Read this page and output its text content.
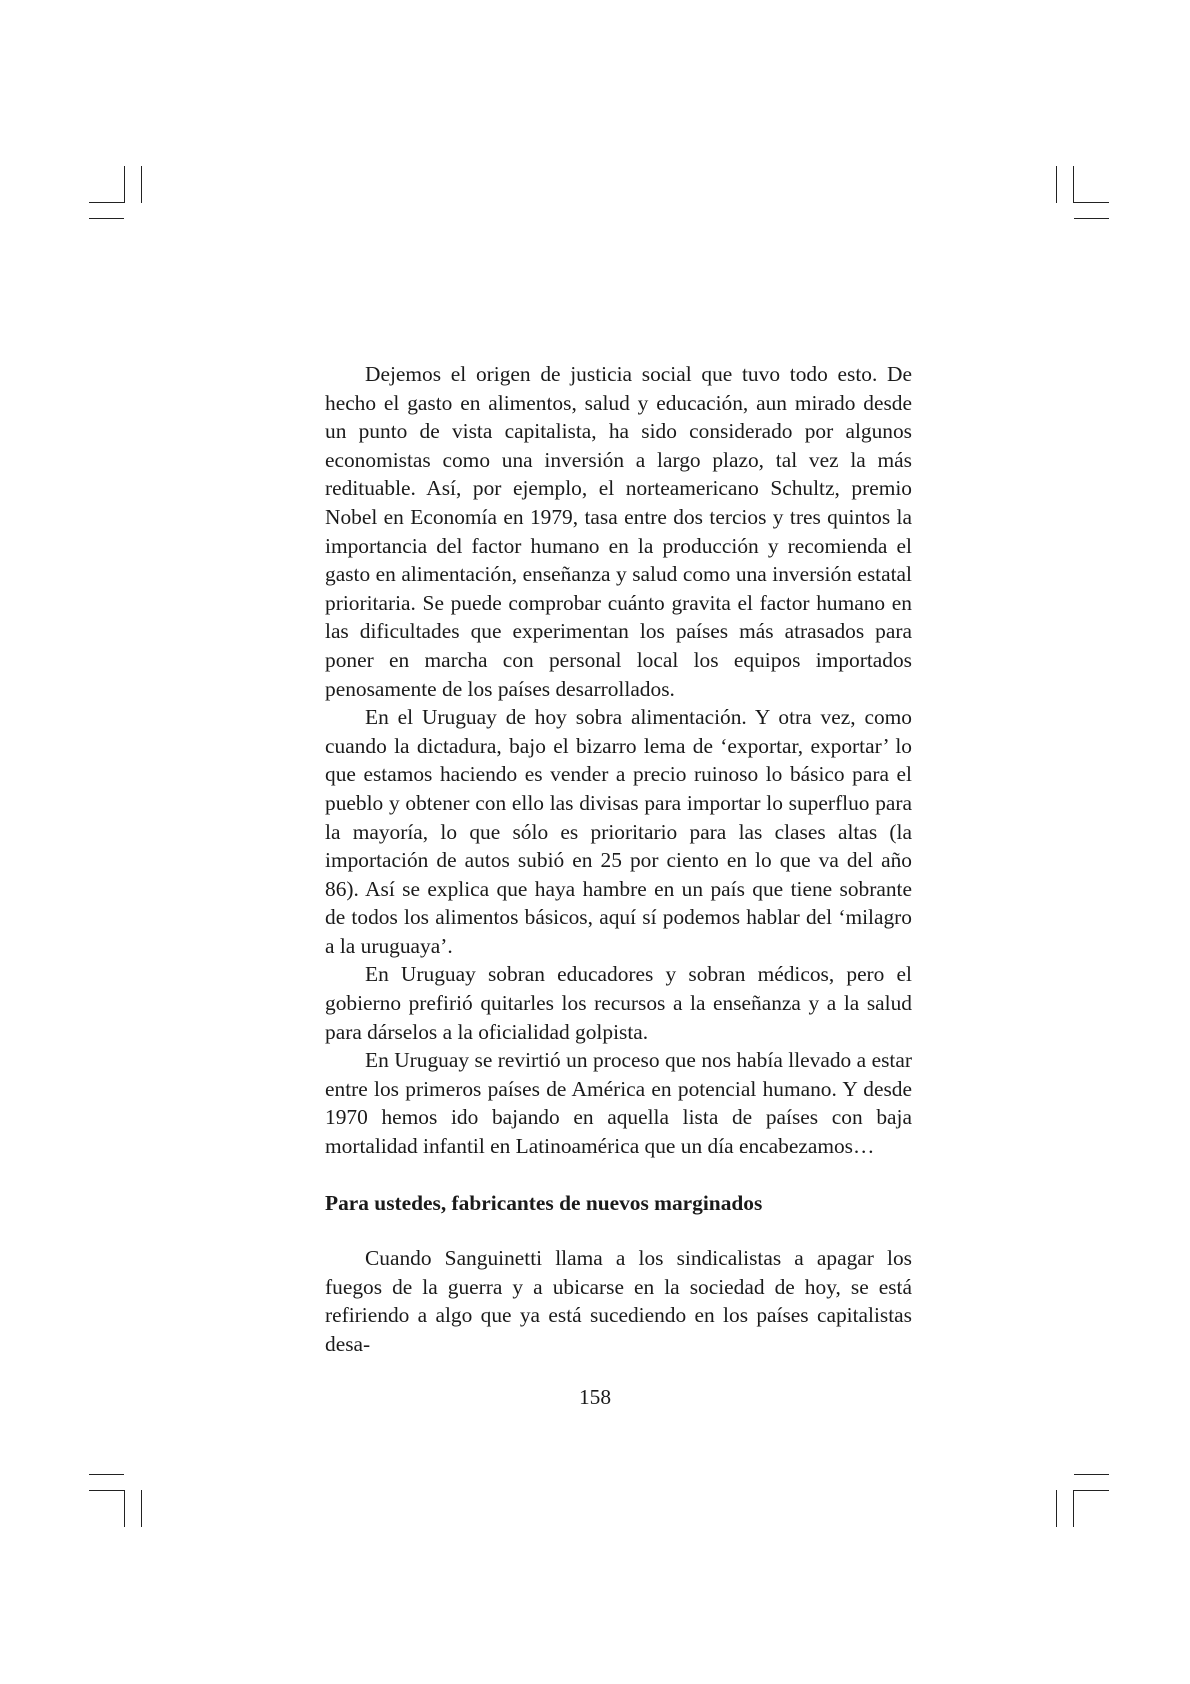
Dejemos el origen de justicia social que tuvo todo esto. De hecho el gasto en alimentos, salud y educación, aun mirado desde un punto de vista capitalista, ha sido considerado por algunos economistas como una inversión a largo plazo, tal vez la más redituable. Así, por ejemplo, el norteamericano Schultz, premio Nobel en Economía en 1979, tasa entre dos tercios y tres quintos la importancia del factor humano en la producción y recomienda el gasto en alimentación, enseñanza y salud como una inversión estatal prioritaria. Se puede comprobar cuánto gravita el factor humano en las dificultades que experimentan los países más atrasados para poner en marcha con personal local los equipos importados penosamente de los países desarrollados.

En el Uruguay de hoy sobra alimentación. Y otra vez, como cuando la dictadura, bajo el bizarro lema de ‘exportar, exportar’ lo que estamos haciendo es vender a precio ruinoso lo básico para el pueblo y obtener con ello las divisas para importar lo superfluo para la mayoría, lo que sólo es prioritario para las clases altas (la importación de autos subió en 25 por ciento en lo que va del año 86). Así se explica que haya hambre en un país que tiene sobrante de todos los alimentos básicos, aquí sí podemos hablar del ‘milagro a la uruguaya’.

En Uruguay sobran educadores y sobran médicos, pero el gobierno prefirió quitarles los recursos a la enseñanza y a la salud para dárselos a la oficialidad golpista.

En Uruguay se revirtió un proceso que nos había llevado a estar entre los primeros países de América en potencial humano. Y desde 1970 hemos ido bajando en aquella lista de países con baja mortalidad infantil en Latinoamérica que un día encabezamos…

Para ustedes, fabricantes de nuevos marginados

Cuando Sanguinetti llama a los sindicalistas a apagar los fuegos de la guerra y a ubicarse en la sociedad de hoy, se está refiriendo a algo que ya está sucediendo en los países capitalistas desa-

158
